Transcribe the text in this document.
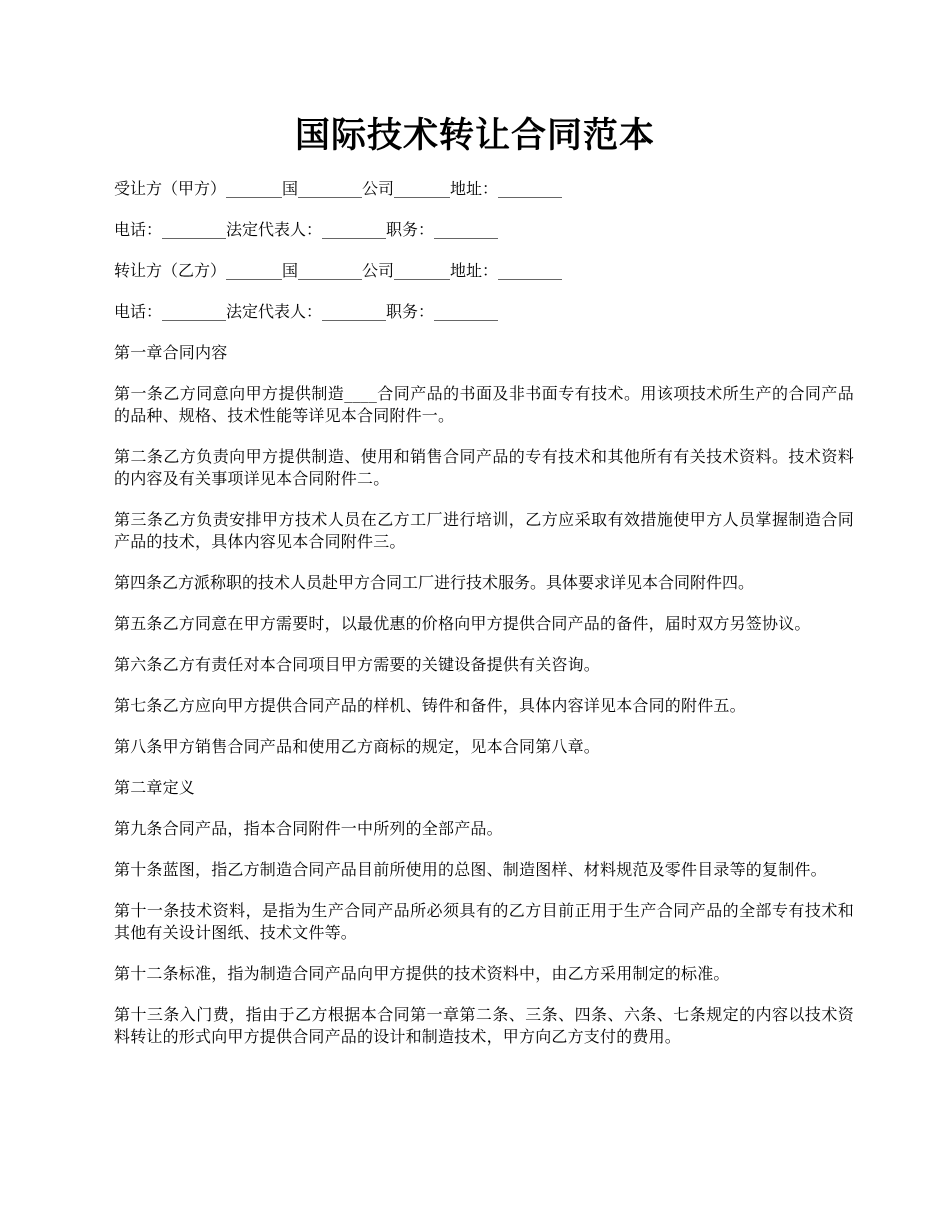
国际技术转让合同范本

受让方（甲方）_______国________公司_______地址：________

电话：________法定代表人：________职务：________

转让方（乙方）_______国________公司_______地址：________

电话：________法定代表人：________职务：________

第一章合同内容

第一条乙方同意向甲方提供制造____合同产品的书面及非书面专有技术。用该项技术所生产的合同产品的品种、规格、技术性能等详见本合同附件一。

第二条乙方负责向甲方提供制造、使用和销售合同产品的专有技术和其他所有有关技术资料。技术资料的内容及有关事项详见本合同附件二。

第三条乙方负责安排甲方技术人员在乙方工厂进行培训，乙方应采取有效措施使甲方人员掌握制造合同产品的技术，具体内容见本合同附件三。

第四条乙方派称职的技术人员赴甲方合同工厂进行技术服务。具体要求详见本合同附件四。

第五条乙方同意在甲方需要时，以最优惠的价格向甲方提供合同产品的备件，届时双方另签协议。

第六条乙方有责任对本合同项目甲方需要的关键设备提供有关咨询。

第七条乙方应向甲方提供合同产品的样机、铸件和备件，具体内容详见本合同的附件五。

第八条甲方销售合同产品和使用乙方商标的规定，见本合同第八章。

第二章定义

第九条合同产品，指本合同附件一中所列的全部产品。

第十条蓝图，指乙方制造合同产品目前所使用的总图、制造图样、材料规范及零件目录等的复制件。

第十一条技术资料，是指为生产合同产品所必须具有的乙方目前正用于生产合同产品的全部专有技术和其他有关设计图纸、技术文件等。

第十二条标准，指为制造合同产品向甲方提供的技术资料中，由乙方采用制定的标准。

第十三条入门费，指由于乙方根据本合同第一章第二条、三条、四条、六条、七条规定的内容以技术资料转让的形式向甲方提供合同产品的设计和制造技术，甲方向乙方支付的费用。
